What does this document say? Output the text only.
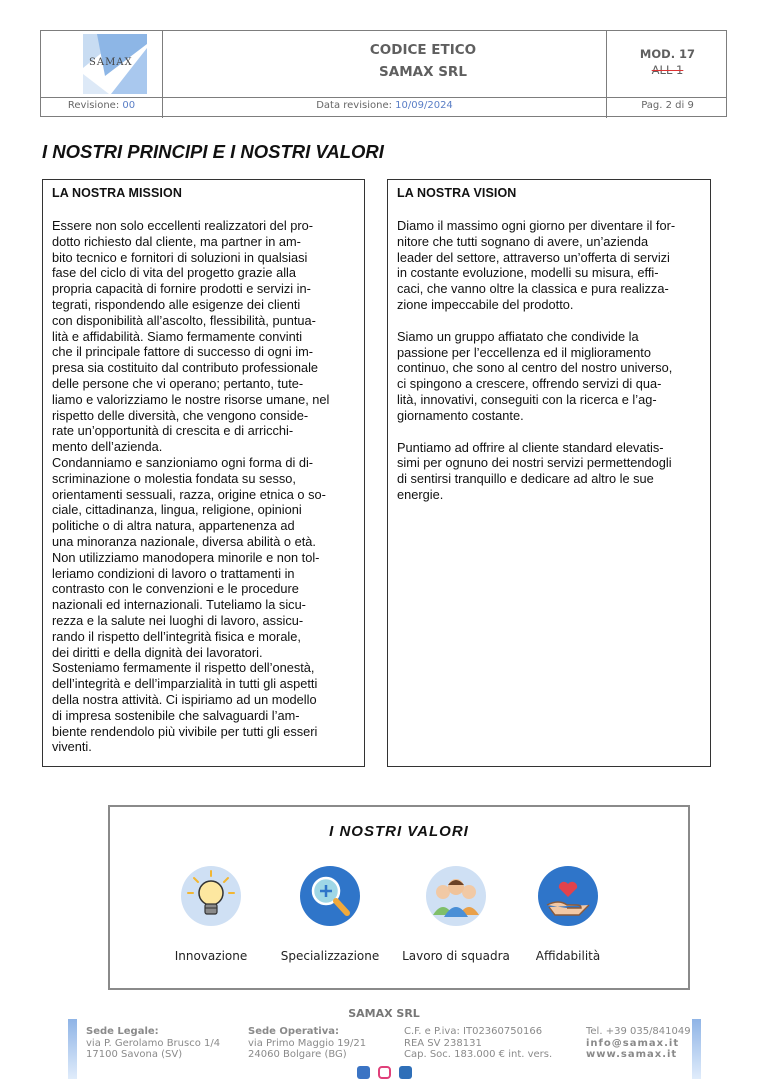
SAMAX
CODICE ETICO
SAMAX SRL
MOD. 17
ALL 1
Revisione: 00	Data revisione: 10/09/2024	Pag. 2 di 9
I NOSTRI PRINCIPI E I NOSTRI VALORI
LA NOSTRA MISSION

Essere non solo eccellenti realizzatori del pro-
dotto richiesto dal cliente, ma partner in am-
bito tecnico e fornitori di soluzioni in qualsiasi
fase del ciclo di vita del progetto grazie alla
propria capacità di fornire prodotti e servizi in-
tegrati, rispondendo alle esigenze dei clienti
con disponibilità all’ascolto, flessibilità, puntua-
lità e affidabilità. Siamo fermamente convinti
che il principale fattore di successo di ogni im-
presa sia costituito dal contributo professionale
delle persone che vi operano; pertanto, tute-
liamo e valorizziamo le nostre risorse umane, nel
rispetto delle diversità, che vengono conside-
rate un’opportunità di crescita e di arricchi-
mento dell’azienda.
Condanniamo e sanzioniamo ogni forma di di-
scriminazione o molestia fondata su sesso,
orientamenti sessuali, razza, origine etnica o so-
ciale, cittadinanza, lingua, religione, opinioni
politiche o di altra natura, appartenenza ad
una minoranza nazionale, diversa abilità o età.
Non utilizziamo manodopera minorile e non tol-
leriamo condizioni di lavoro o trattamenti in
contrasto con le convenzioni e le procedure
nazionali ed internazionali. Tuteliamo la sicu-
rezza e la salute nei luoghi di lavoro, assicu-
rando il rispetto dell’integrità fisica e morale,
dei diritti e della dignità dei lavoratori.
Sosteniamo fermamente il rispetto dell’onestà,
dell’integrità e dell’imparzialità in tutti gli aspetti
della nostra attività. Ci ispiriamo ad un modello
di impresa sostenibile che salvaguardi l’am-
biente rendendolo più vivibile per tutti gli esseri
viventi.

LA NOSTRA VISION

Diamo il massimo ogni giorno per diventare il for-
nitore che tutti sognano di avere, un’azienda
leader del settore, attraverso un’offerta di servizi
in costante evoluzione, modelli su misura, effi-
caci, che vanno oltre la classica e pura realizza-
zione impeccabile del prodotto.

Siamo un gruppo affiatato che condivide la
passione per l’eccellenza ed il miglioramento
continuo, che sono al centro del nostro universo,
ci spingono a crescere, offrendo servizi di qua-
lità, innovativi, conseguiti con la ricerca e l’ag-
giornamento costante.

Puntiamo ad offrire al cliente standard elevatis-
simi per ognuno dei nostri servizi permettendogli
di sentirsi tranquillo e dedicare ad altro le sue
energie.

I NOSTRI VALORI
Innovazione	Specializzazione	Lavoro di squadra	Affidabilità
SAMAX SRL
Sede Legale:
via P. Gerolamo Brusco 1/4
17100 Savona (SV)
Sede Operativa:
via Primo Maggio 19/21
24060 Bolgare (BG)
C.F. e P.iva: IT02360750166
REA SV 238131
Cap. Soc. 183.000 € int. vers.
Tel. +39 035/841049
info@samax.it
www.samax.it
